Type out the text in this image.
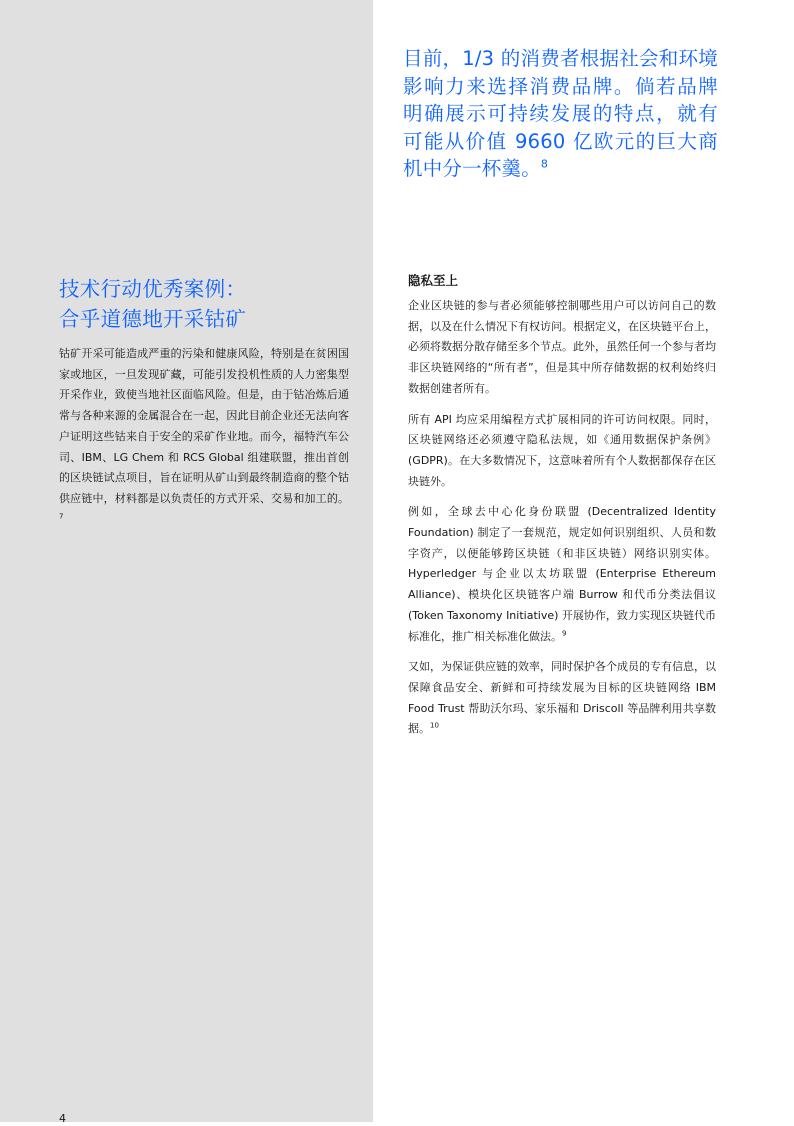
技术行动优秀案例：
合乎道德地开采钴矿

钴矿开采可能造成严重的污染和健康风险，特别是在贫困国家或地区，一旦发现矿藏，可能引发投机性质的人力密集型开采作业，致使当地社区面临风险。但是，由于钴冶炼后通常与各种来源的金属混合在一起，因此目前企业还无法向客户证明这些钴来自于安全的采矿作业地。而今，福特汽车公司、IBM、LG Chem 和 RCS Global 组建联盟，推出首创的区块链试点项目，旨在证明从矿山到最终制造商的整个钴供应链中，材料都是以负责任的方式开采、交易和加工的。$^7$

4

目前，1/3 的消费者根据社会和环境影响力来选择消费品牌。倘若品牌明确展示可持续发展的特点，就有可能从价值 9660 亿欧元的巨大商机中分一杯羹。$^8$

隐私至上

企业区块链的参与者必须能够控制哪些用户可以访问自己的数据，以及在什么情况下有权访问。根据定义，在区块链平台上，必须将数据分散存储至多个节点。此外，虽然任何一个参与者均非区块链网络的“所有者”，但是其中所存储数据的权利始终归数据创建者所有。

所有 API 均应采用编程方式扩展相同的许可访问权限。同时，区块链网络还必须遵守隐私法规，如《通用数据保护条例》(GDPR)。在大多数情况下，这意味着所有个人数据都保存在区块链外。

例如，全球去中心化身份联盟 (Decentralized Identity Foundation) 制定了一套规范，规定如何识别组织、人员和数字资产，以便能够跨区块链（和非区块链）网络识别实体。Hyperledger 与企业以太坊联盟 (Enterprise Ethereum Alliance)、模块化区块链客户端 Burrow 和代币分类法倡议 (Token Taxonomy Initiative) 开展协作，致力实现区块链代币标准化，推广相关标准化做法。$^9$

又如，为保证供应链的效率，同时保护各个成员的专有信息，以保障食品安全、新鲜和可持续发展为目标的区块链网络 IBM Food Trust 帮助沃尔玛、家乐福和 Driscoll 等品牌利用共享数据。$^{10}$
